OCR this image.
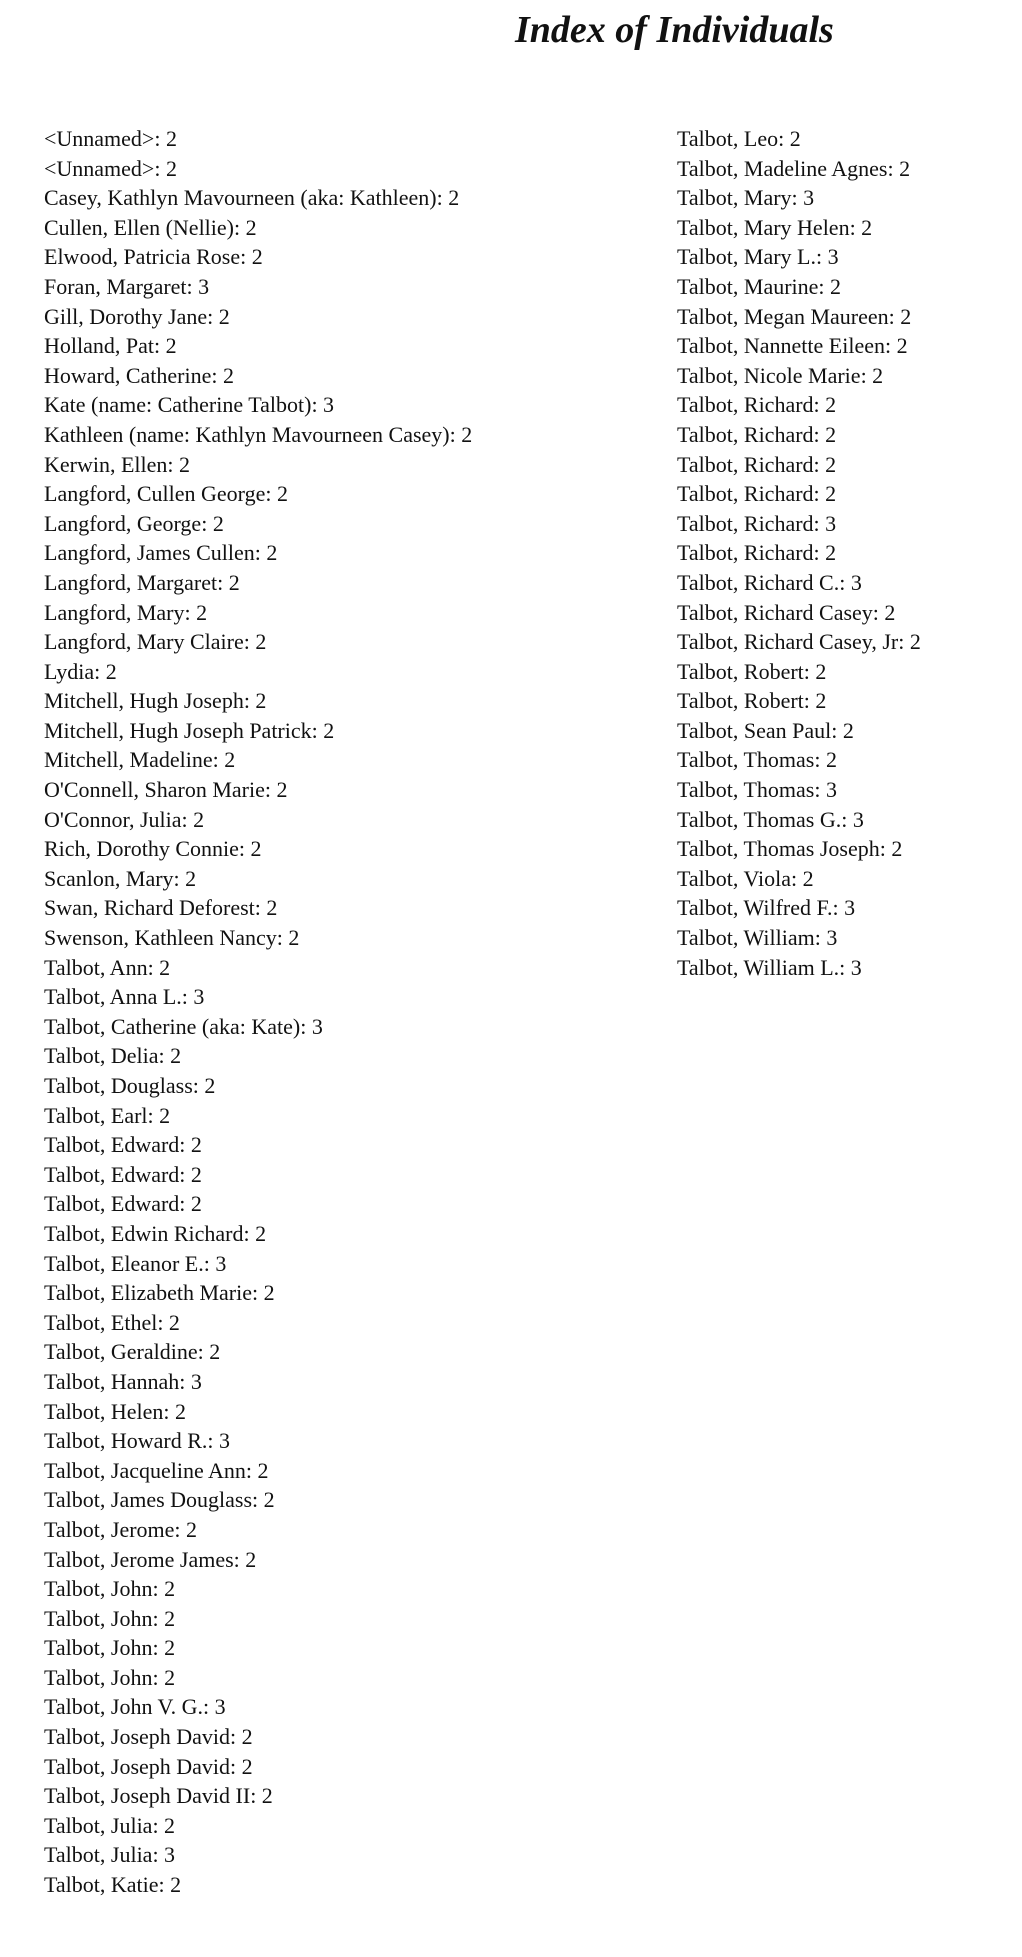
Index of Individuals
<Unnamed>: 2
<Unnamed>: 2
Casey, Kathlyn Mavourneen (aka: Kathleen): 2
Cullen, Ellen (Nellie): 2
Elwood, Patricia Rose: 2
Foran, Margaret: 3
Gill, Dorothy Jane: 2
Holland, Pat: 2
Howard, Catherine: 2
Kate (name: Catherine Talbot): 3
Kathleen (name: Kathlyn Mavourneen Casey): 2
Kerwin, Ellen: 2
Langford, Cullen George: 2
Langford, George: 2
Langford, James Cullen: 2
Langford, Margaret: 2
Langford, Mary: 2
Langford, Mary Claire: 2
Lydia: 2
Mitchell, Hugh Joseph: 2
Mitchell, Hugh Joseph Patrick: 2
Mitchell, Madeline: 2
O'Connell, Sharon Marie: 2
O'Connor, Julia: 2
Rich, Dorothy Connie: 2
Scanlon, Mary: 2
Swan, Richard Deforest: 2
Swenson, Kathleen Nancy: 2
Talbot, Ann: 2
Talbot, Anna L.: 3
Talbot, Catherine (aka: Kate): 3
Talbot, Delia: 2
Talbot, Douglass: 2
Talbot, Earl: 2
Talbot, Edward: 2
Talbot, Edward: 2
Talbot, Edward: 2
Talbot, Edwin Richard: 2
Talbot, Eleanor E.: 3
Talbot, Elizabeth Marie: 2
Talbot, Ethel: 2
Talbot, Geraldine: 2
Talbot, Hannah: 3
Talbot, Helen: 2
Talbot, Howard R.: 3
Talbot, Jacqueline Ann: 2
Talbot, James Douglass: 2
Talbot, Jerome: 2
Talbot, Jerome James: 2
Talbot, John: 2
Talbot, John: 2
Talbot, John: 2
Talbot, John: 2
Talbot, John V. G.: 3
Talbot, Joseph David: 2
Talbot, Joseph David: 2
Talbot, Joseph David II: 2
Talbot, Julia: 2
Talbot, Julia: 3
Talbot, Katie: 2
Talbot, Leo: 2
Talbot, Madeline Agnes: 2
Talbot, Mary: 3
Talbot, Mary Helen: 2
Talbot, Mary L.: 3
Talbot, Maurine: 2
Talbot, Megan Maureen: 2
Talbot, Nannette Eileen: 2
Talbot, Nicole Marie: 2
Talbot, Richard: 2
Talbot, Richard: 2
Talbot, Richard: 2
Talbot, Richard: 2
Talbot, Richard: 3
Talbot, Richard: 2
Talbot, Richard C.: 3
Talbot, Richard Casey: 2
Talbot, Richard Casey, Jr: 2
Talbot, Robert: 2
Talbot, Robert: 2
Talbot, Sean Paul: 2
Talbot, Thomas: 2
Talbot, Thomas: 3
Talbot, Thomas G.: 3
Talbot, Thomas Joseph: 2
Talbot, Viola: 2
Talbot, Wilfred F.: 3
Talbot, William: 3
Talbot, William L.: 3
